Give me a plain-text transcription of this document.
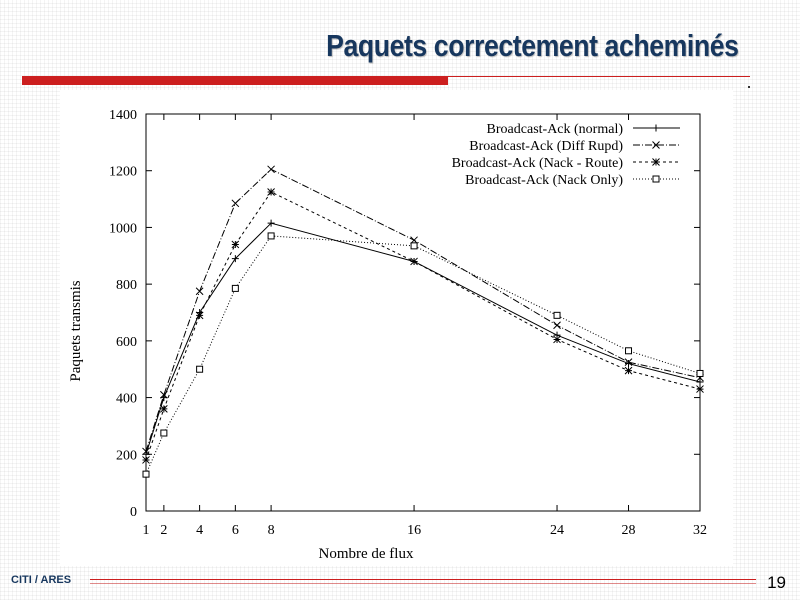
Paquets correctement acheminés
0
200
400
600
800
1000
1200
1400
1 2 4 6 8	16	24	28	32
Broadcast-Ack (normal)
Broadcast-Ack (Diff Rupd)
Broadcast-Ack (Nack - Route)
Broadcast-Ack (Nack Only)
Nombre de flux
Paquets transmis
CITI / ARES	19
